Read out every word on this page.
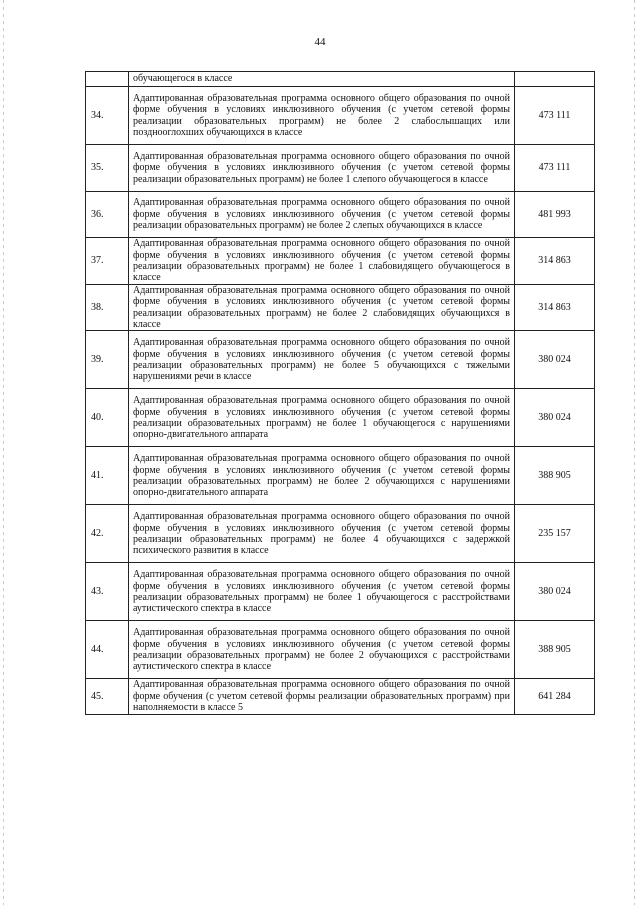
44
	обучающегося в классе	
34.	Адаптированная образовательная программа основного общего образования по очной форме обучения в условиях инклюзивного обучения (с учетом сетевой формы реализации образовательных программ) не более 2 слабослышащих или позднооглохших обучающихся в классе	473 111
35.	Адаптированная образовательная программа основного общего образования по очной форме обучения в условиях инклюзивного обучения (с учетом сетевой формы реализации образовательных программ) не более 1 слепого обучающегося в классе	473 111
36.	Адаптированная образовательная программа основного общего образования по очной форме обучения в условиях инклюзивного обучения (с учетом сетевой формы реализации образовательных программ) не более 2 слепых обучающихся в классе	481 993
37.	Адаптированная образовательная программа основного общего образования по очной форме обучения в условиях инклюзивного обучения (с учетом сетевой формы реализации образовательных программ) не более 1 слабовидящего обучающегося в классе	314 863
38.	Адаптированная образовательная программа основного общего образования по очной форме обучения в условиях инклюзивного обучения (с учетом сетевой формы реализации образовательных программ) не более 2 слабовидящих обучающихся в классе	314 863
39.	Адаптированная образовательная программа основного общего образования по очной форме обучения в условиях инклюзивного обучения (с учетом сетевой формы реализации образовательных программ) не более 5 обучающихся с тяжелыми нарушениями речи в классе	380 024
40.	Адаптированная образовательная программа основного общего образования по очной форме обучения в условиях инклюзивного обучения (с учетом сетевой формы реализации образовательных программ) не более 1 обучающегося с нарушениями опорно-двигательного аппарата	380 024
41.	Адаптированная образовательная программа основного общего образования по очной форме обучения в условиях инклюзивного обучения (с учетом сетевой формы реализации образовательных программ) не более 2 обучающихся с нарушениями опорно-двигательного аппарата	388 905
42.	Адаптированная образовательная программа основного общего образования по очной форме обучения в условиях инклюзивного обучения (с учетом сетевой формы реализации образовательных программ) не более 4 обучающихся с задержкой психического развития в классе	235 157
43.	Адаптированная образовательная программа основного общего образования по очной форме обучения в условиях инклюзивного обучения (с учетом сетевой формы реализации образовательных программ) не более 1 обучающегося с расстройствами аутистического спектра в классе	380 024
44.	Адаптированная образовательная программа основного общего образования по очной форме обучения в условиях инклюзивного обучения (с учетом сетевой формы реализации образовательных программ) не более 2 обучающихся с расстройствами аутистического спектра в классе	388 905
45.	Адаптированная образовательная программа основного общего образования по очной форме обучения (с учетом сетевой формы реализации образовательных программ) при наполняемости в классе 5	641 284
